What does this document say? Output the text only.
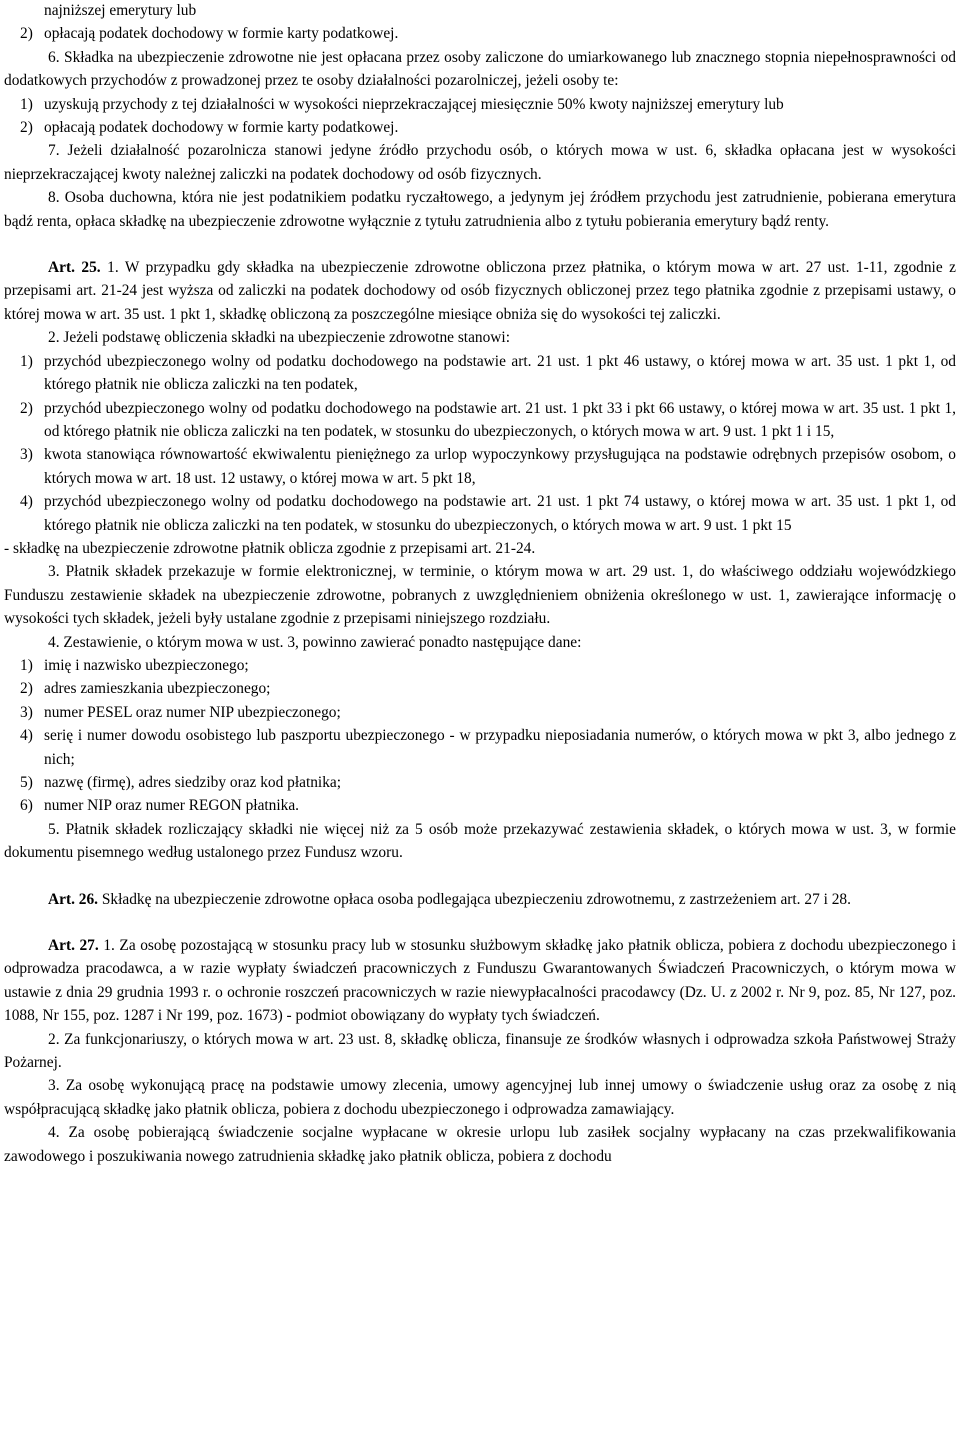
najniższej emerytury lub

2) opłacają podatek dochodowy w formie karty podatkowej.

6. Składka na ubezpieczenie zdrowotne nie jest opłacana przez osoby zaliczone do umiarkowanego lub znacznego stopnia niepełnosprawności od dodatkowych przychodów z prowadzonej przez te osoby działalności pozarolniczej, jeżeli osoby te:

1) uzyskują przychody z tej działalności w wysokości nieprzekraczającej miesięcznie 50% kwoty najniższej emerytury lub

2) opłacają podatek dochodowy w formie karty podatkowej.

7. Jeżeli działalność pozarolnicza stanowi jedyne źródło przychodu osób, o których mowa w ust. 6, składka opłacana jest w wysokości nieprzekraczającej kwoty należnej zaliczki na podatek dochodowy od osób fizycznych.

8. Osoba duchowna, która nie jest podatnikiem podatku ryczałtowego, a jedynym jej źródłem przychodu jest zatrudnienie, pobierana emerytura bądź renta, opłaca składkę na ubezpieczenie zdrowotne wyłącznie z tytułu zatrudnienia albo z tytułu pobierania emerytury bądź renty.

Art. 25. 1. W przypadku gdy składka na ubezpieczenie zdrowotne obliczona przez płatnika, o którym mowa w art. 27 ust. 1-11, zgodnie z przepisami art. 21-24 jest wyższa od zaliczki na podatek dochodowy od osób fizycznych obliczonej przez tego płatnika zgodnie z przepisami ustawy, o której mowa w art. 35 ust. 1 pkt 1, składkę obliczoną za poszczególne miesiące obniża się do wysokości tej zaliczki.

2. Jeżeli podstawę obliczenia składki na ubezpieczenie zdrowotne stanowi:

1) przychód ubezpieczonego wolny od podatku dochodowego na podstawie art. 21 ust. 1 pkt 46 ustawy, o której mowa w art. 35 ust. 1 pkt 1, od którego płatnik nie oblicza zaliczki na ten podatek,

2) przychód ubezpieczonego wolny od podatku dochodowego na podstawie art. 21 ust. 1 pkt 33 i pkt 66 ustawy, o której mowa w art. 35 ust. 1 pkt 1, od którego płatnik nie oblicza zaliczki na ten podatek, w stosunku do ubezpieczonych, o których mowa w art. 9 ust. 1 pkt 1 i 15,

3) kwota stanowiąca równowartość ekwiwalentu pieniężnego za urlop wypoczynkowy przysługująca na podstawie odrębnych przepisów osobom, o których mowa w art. 18 ust. 12 ustawy, o której mowa w art. 5 pkt 18,

4) przychód ubezpieczonego wolny od podatku dochodowego na podstawie art. 21 ust. 1 pkt 74 ustawy, o której mowa w art. 35 ust. 1 pkt 1, od którego płatnik nie oblicza zaliczki na ten podatek, w stosunku do ubezpieczonych, o których mowa w art. 9 ust. 1 pkt 15

- składkę na ubezpieczenie zdrowotne płatnik oblicza zgodnie z przepisami art. 21-24.

3. Płatnik składek przekazuje w formie elektronicznej, w terminie, o którym mowa w art. 29 ust. 1, do właściwego oddziału wojewódzkiego Funduszu zestawienie składek na ubezpieczenie zdrowotne, pobranych z uwzględnieniem obniżenia określonego w ust. 1, zawierające informację o wysokości tych składek, jeżeli były ustalane zgodnie z przepisami niniejszego rozdziału.

4. Zestawienie, o którym mowa w ust. 3, powinno zawierać ponadto następujące dane:

1) imię i nazwisko ubezpieczonego;

2) adres zamieszkania ubezpieczonego;

3) numer PESEL oraz numer NIP ubezpieczonego;

4) serię i numer dowodu osobistego lub paszportu ubezpieczonego - w przypadku nieposiadania numerów, o których mowa w pkt 3, albo jednego z nich;

5) nazwę (firmę), adres siedziby oraz kod płatnika;

6) numer NIP oraz numer REGON płatnika.

5. Płatnik składek rozliczający składki nie więcej niż za 5 osób może przekazywać zestawienia składek, o których mowa w ust. 3, w formie dokumentu pisemnego według ustalonego przez Fundusz wzoru.

Art. 26. Składkę na ubezpieczenie zdrowotne opłaca osoba podlegająca ubezpieczeniu zdrowotnemu, z zastrzeżeniem art. 27 i 28.

Art. 27. 1. Za osobę pozostającą w stosunku pracy lub w stosunku służbowym składkę jako płatnik oblicza, pobiera z dochodu ubezpieczonego i odprowadza pracodawca, a w razie wypłaty świadczeń pracowniczych z Funduszu Gwarantowanych Świadczeń Pracowniczych, o którym mowa w ustawie z dnia 29 grudnia 1993 r. o ochronie roszczeń pracowniczych w razie niewypłacalności pracodawcy (Dz. U. z 2002 r. Nr 9, poz. 85, Nr 127, poz. 1088, Nr 155, poz. 1287 i Nr 199, poz. 1673) - podmiot obowiązany do wypłaty tych świadczeń.

2. Za funkcjonariuszy, o których mowa w art. 23 ust. 8, składkę oblicza, finansuje ze środków własnych i odprowadza szkoła Państwowej Straży Pożarnej.

3. Za osobę wykonującą pracę na podstawie umowy zlecenia, umowy agencyjnej lub innej umowy o świadczenie usług oraz za osobę z nią współpracującą składkę jako płatnik oblicza, pobiera z dochodu ubezpieczonego i odprowadza zamawiający.

4. Za osobę pobierającą świadczenie socjalne wypłacane w okresie urlopu lub zasiłek socjalny wypłacany na czas przekwalifikowania zawodowego i poszukiwania nowego zatrudnienia składkę jako płatnik oblicza, pobiera z dochodu
